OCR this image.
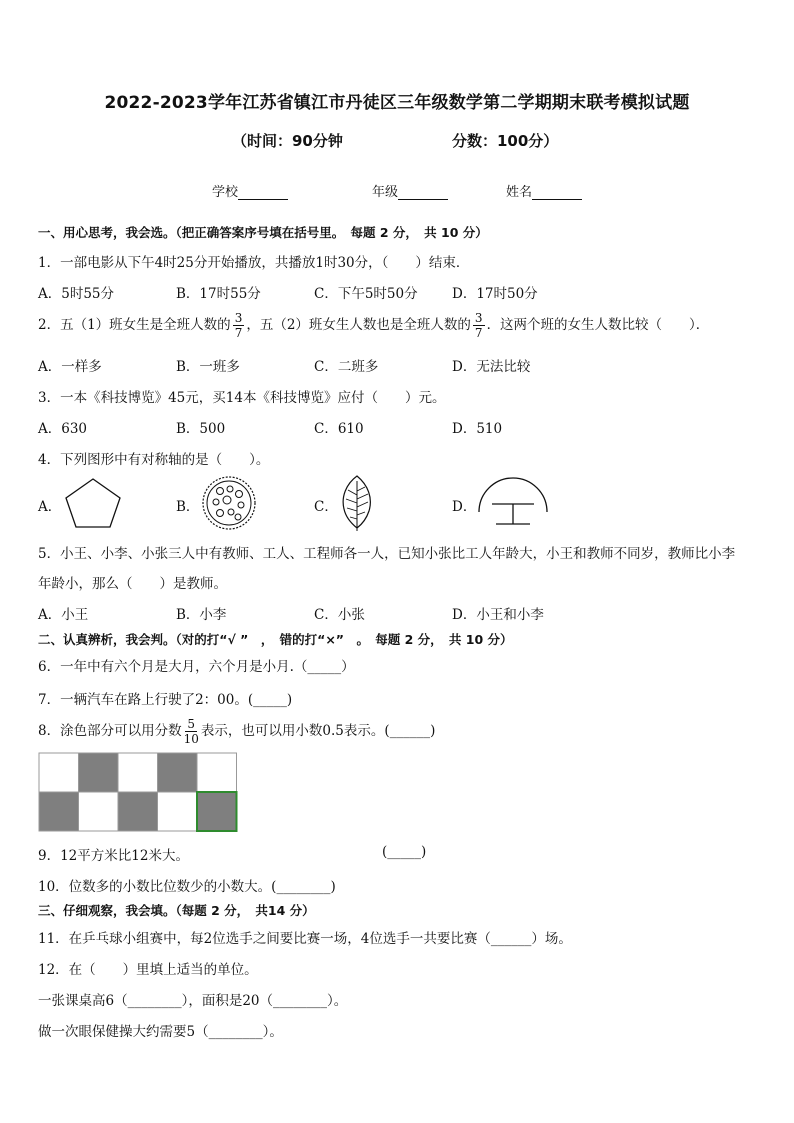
2022-2023学年江苏省镇江市丹徒区三年级数学第二学期期末联考模拟试题
（时间：90分钟	分数：100分）
学校	年级	姓名
一、用心思考，我会选。（把正确答案序号填在括号里。　每题 2 分，　共 10 分）
1．一部电影从下午4时25分开始播放，共播放1时30分，（　　）结束．
A．5时55分	B．17时55分	C．下午5时50分	D．17时50分
2．五（1）班女生是全班人数的 $\frac{3}{7}$ ，五（2）班女生人数也是全班人数的 $\frac{3}{7}$ ．这两个班的女生人数比较（　　）．
A．一样多	B．一班多	C．二班多	D．无法比较
3．一本《科技博览》45元，买14本《科技博览》应付（　　）元。
A．630	B．500	C．610	D．510
4．下列图形中有对称轴的是（　　）。
A．	B．	C．	D．
5．小王、小李、小张三人中有教师、工人、工程师各一人，已知小张比工人年龄大，小王和教师不同岁，教师比小李
年龄小，那么（　　）是教师。
A．小王	B．小李	C．小张	D．小王和小李
二、认真辨析，我会判。（对的打“√ ”　，　错的打“×”　。　每题 2 分，　共 10 分）
6．一年中有六个月是大月，六个月是小月.（_____）
7．一辆汽车在路上行驶了2：00。(_____)
8．涂色部分可以用分数 $\frac{5}{10}$ 表示，也可以用小数0.5表示。(______)
9．12平方米比12米大。	(_____)
10．位数多的小数比位数少的小数大。(________)
三、仔细观察，我会填。（每题 2 分，　共14 分）
11．在乒乓球小组赛中，每2位选手之间要比赛一场，4位选手一共要比赛（______）场。
12．在（　　）里填上适当的单位。
一张课桌高6（________），面积是20（________）。
做一次眼保健操大约需要5（________）。
